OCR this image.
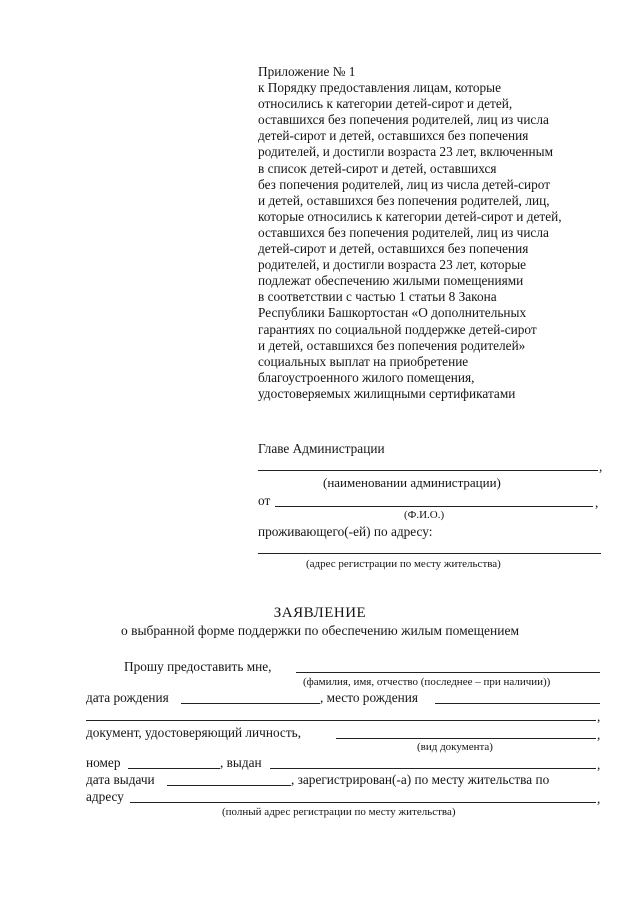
Приложение № 1
к Порядку предоставления лицам, которые
относились к категории детей-сирот и детей,
оставшихся без попечения родителей, лиц из числа
детей-сирот и детей, оставшихся без попечения
родителей, и достигли возраста 23 лет, включенным
в список детей-сирот и детей, оставшихся
без попечения родителей, лиц из числа детей-сирот
и детей, оставшихся без попечения родителей, лиц,
которые относились к категории детей-сирот и детей,
оставшихся без попечения родителей, лиц из числа
детей-сирот и детей, оставшихся без попечения
родителей, и достигли возраста 23 лет, которые
подлежат обеспечению жилыми помещениями
в соответствии с частью 1 статьи 8 Закона
Республики Башкортостан «О дополнительных
гарантиях по социальной поддержке детей-сирот
и детей, оставшихся без попечения родителей»
социальных выплат на приобретение
благоустроенного жилого помещения,
удостоверяемых жилищными сертификатами
Главе Администрации
,
(наименовании администрации)
от	,
(Ф.И.О.)
проживающего(-ей) по адресу:
(адрес регистрации по месту жительства)
ЗАЯВЛЕНИЕ
о выбранной форме поддержки по обеспечению жилым помещением
Прошу предоставить мне,
(фамилия, имя, отчество (последнее – при наличии))
дата рождения	, место рождения
,
документ, удостоверяющий личность,	,
(вид документа)
номер	, выдан	,
дата выдачи	, зарегистрирован(-а) по месту жительства по
адресу	,
(полный адрес регистрации по месту жительства)
